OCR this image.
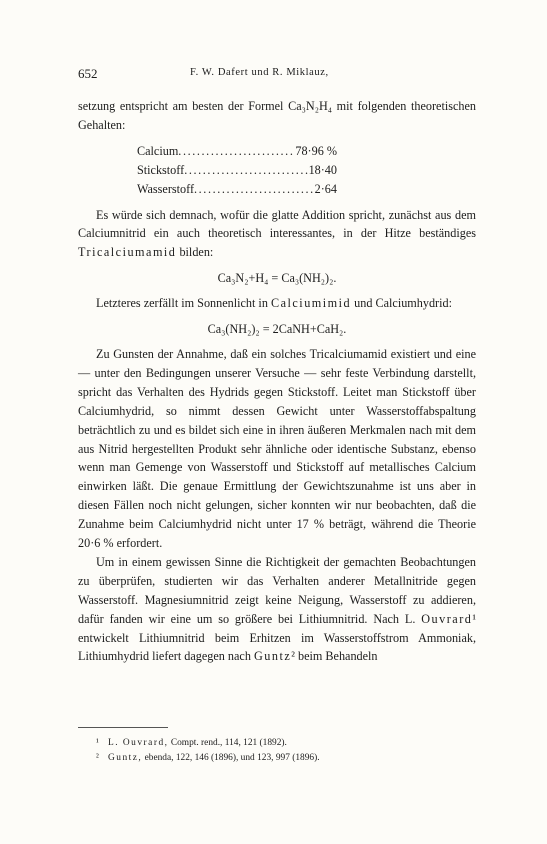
652	F. W. Dafert und R. Miklauz,

setzung entspricht am besten der Formel Ca₃N₂H₄ mit folgenden theoretischen Gehalten:

Calcium .....	78·96 %
Stickstoff .....	18·40
Wasserstoff .....	2·64

Es würde sich demnach, wofür die glatte Addition spricht, zunächst aus dem Calciumnitrid ein auch theoretisch interessantes, in der Hitze beständiges Tricalciumamid bilden:

Ca₃N₂+H₄ = Ca₃(NH₂)₂.

Letzteres zerfällt im Sonnenlicht in Calciumimid und Calciumhydrid:

Ca₃(NH₂)₂ = 2CaNH+CaH₂.

Zu Gunsten der Annahme, daß ein solches Tricalciumamid existiert und eine — unter den Bedingungen unserer Versuche — sehr feste Verbindung darstellt, spricht das Verhalten des Hydrids gegen Stickstoff. Leitet man Stickstoff über Calciumhydrid, so nimmt dessen Gewicht unter Wasserstoffabspaltung beträchtlich zu und es bildet sich eine in ihren äußeren Merkmalen nach mit dem aus Nitrid hergestellten Produkt sehr ähnliche oder identische Substanz, ebenso wenn man Gemenge von Wasserstoff und Stickstoff auf metallisches Calcium einwirken läßt. Die genaue Ermittlung der Gewichtszunahme ist uns aber in diesen Fällen noch nicht gelungen, sicher konnten wir nur beobachten, daß die Zunahme beim Calciumhydrid nicht unter 17 % beträgt, während die Theorie 20·6 % erfordert.

Um in einem gewissen Sinne die Richtigkeit der gemachten Beobachtungen zu überprüfen, studierten wir das Verhalten anderer Metallnitride gegen Wasserstoff. Magnesiumnitrid zeigt keine Neigung, Wasserstoff zu addieren, dafür fanden wir eine um so größere bei Lithiumnitrid. Nach L. Ouvrard¹ entwickelt Lithiumnitrid beim Erhitzen im Wasserstoffstrom Ammoniak, Lithiumhydrid liefert dagegen nach Guntz² beim Behandeln

¹ L. Ouvrard, Compt. rend., 114, 121 (1892).
² Guntz, ebenda, 122, 146 (1896), und 123, 997 (1896).
